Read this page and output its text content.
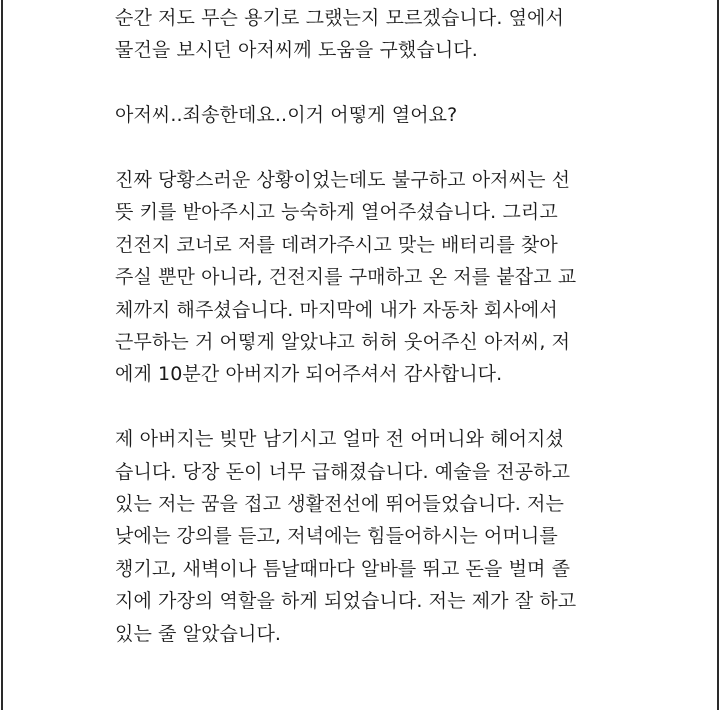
순간 저도 무슨 용기로 그랬는지 모르겠습니다. 옆에서
물건을 보시던 아저씨께 도움을 구했습니다.

아저씨..죄송한데요..이거 어떻게 열어요?

진짜 당황스러운 상황이었는데도 불구하고 아저씨는 선
뜻 키를 받아주시고 능숙하게 열어주셨습니다. 그리고
건전지 코너로 저를 데려가주시고 맞는 배터리를 찾아
주실 뿐만 아니라, 건전지를 구매하고 온 저를 붙잡고 교
체까지 해주셨습니다. 마지막에 내가 자동차 회사에서
근무하는 거 어떻게 알았냐고 허허 웃어주신 아저씨, 저
에게 10분간 아버지가 되어주셔서 감사합니다.

제 아버지는 빚만 남기시고 얼마 전 어머니와 헤어지셨
습니다. 당장 돈이 너무 급해졌습니다. 예술을 전공하고
있는 저는 꿈을 접고 생활전선에 뛰어들었습니다. 저는
낮에는 강의를 듣고, 저녁에는 힘들어하시는 어머니를
챙기고, 새벽이나 틈날때마다 알바를 뛰고 돈을 벌며 졸
지에 가장의 역할을 하게 되었습니다. 저는 제가 잘 하고
있는 줄 알았습니다.
